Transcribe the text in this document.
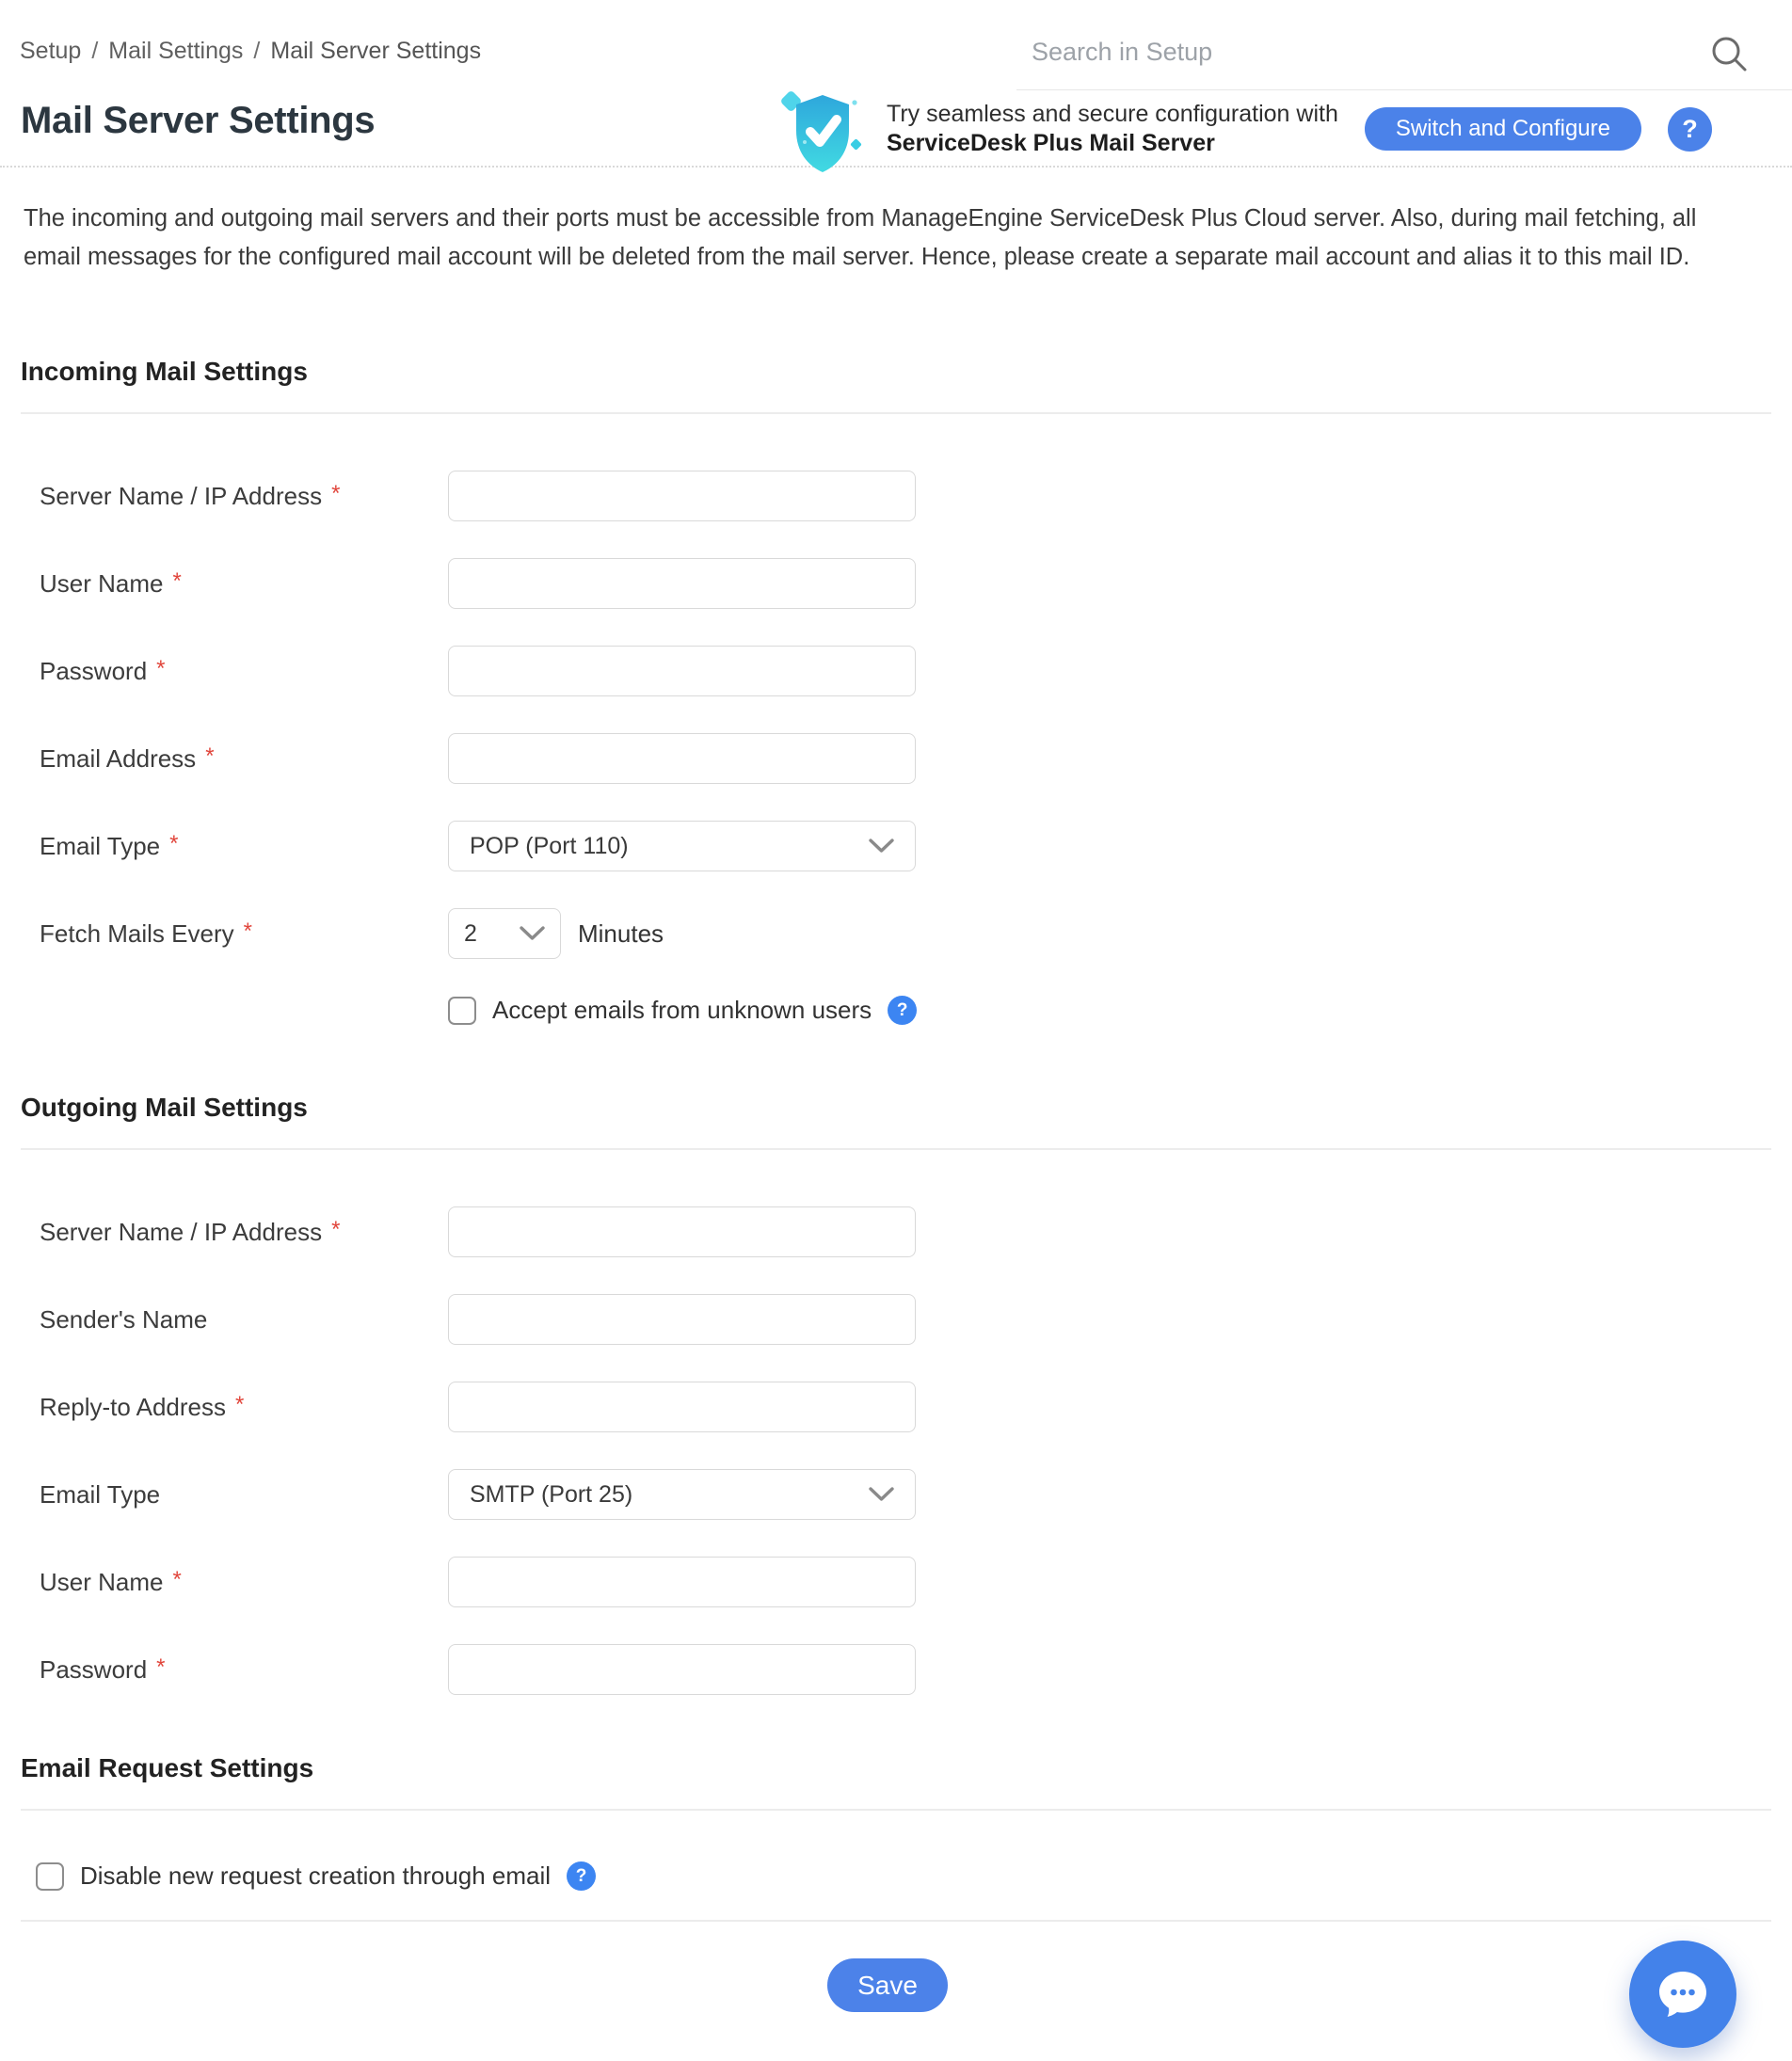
Setup / Mail Settings / Mail Server Settings
Search in Setup
Mail Server Settings	Try seamless and secure configuration with
ServiceDesk Plus Mail Server
Switch and Configure	?

The incoming and outgoing mail servers and their ports must be accessible from ManageEngine ServiceDesk Plus Cloud server. Also, during mail fetching, all email messages for the configured mail account will be deleted from the mail server. Hence, please create a separate mail account and alias it to this mail ID.

Incoming Mail Settings
Server Name / IP Address *
User Name *
Password *
Email Address *
Email Type *	POP (Port 110)
Fetch Mails Every *	2	Minutes
Accept emails from unknown users	?
Outgoing Mail Settings
Server Name / IP Address *
Sender's Name
Reply-to Address *
Email Type	SMTP (Port 25)
User Name *
Password *
Email Request Settings
Disable new request creation through email	?
Save
